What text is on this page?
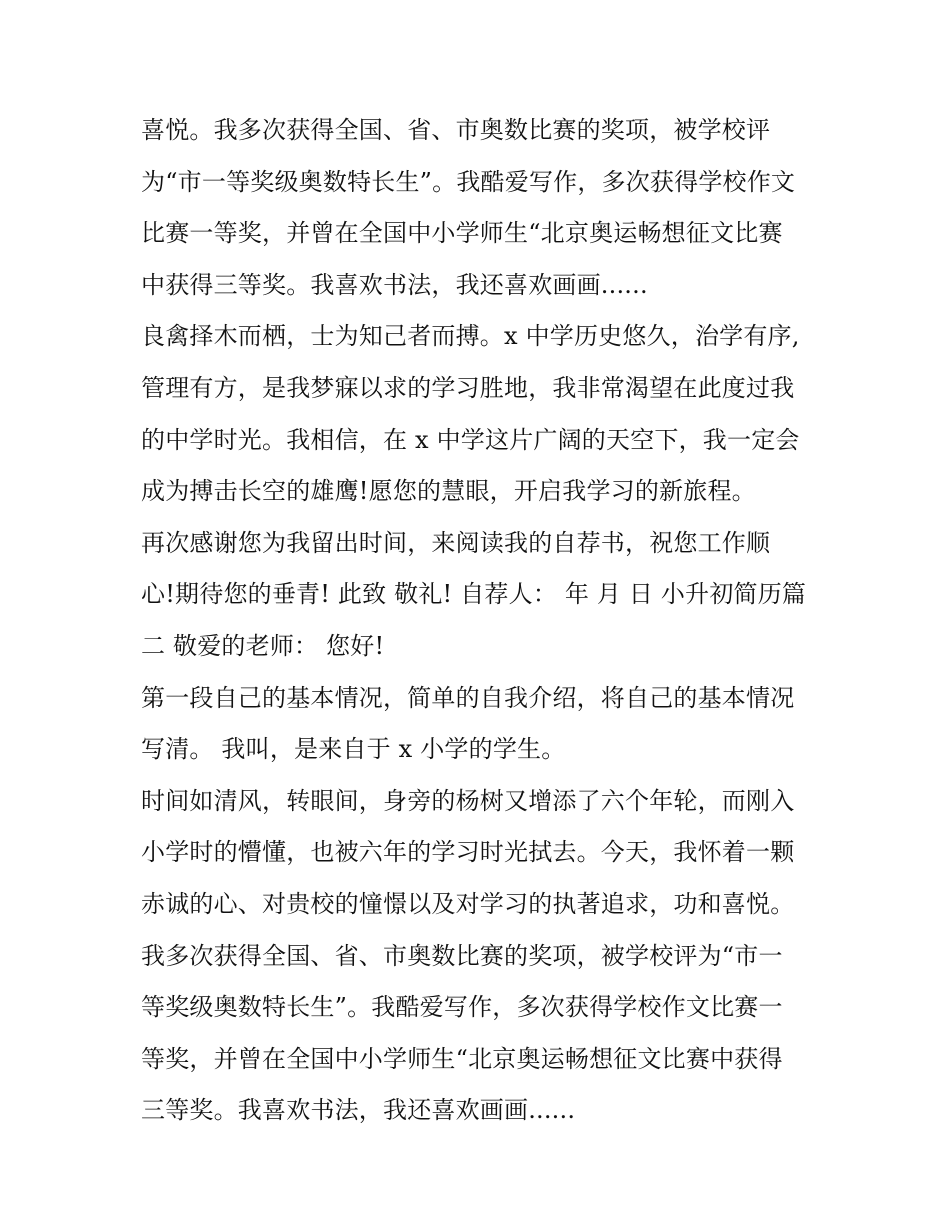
喜悦。我多次获得全国、省、市奥数比赛的奖项，被学校评
为“市一等奖级奥数特长生”。我酷爱写作，多次获得学校作文
比赛一等奖，并曾在全国中小学师生“北京奥运畅想征文比赛
中获得三等奖。我喜欢书法，我还喜欢画画......
良禽择木而栖，士为知己者而搏。x 中学历史悠久，治学有序,
管理有方，是我梦寐以求的学习胜地，我非常渴望在此度过我
的中学时光。我相信，在 x 中学这片广阔的天空下，我一定会
成为搏击长空的雄鹰!愿您的慧眼，开启我学习的新旅程。
再次感谢您为我留出时间，来阅读我的自荐书，祝您工作顺
心!期待您的垂青! 此致 敬礼! 自荐人： 年 月 日 小升初简历篇
二 敬爱的老师： 您好!
第一段自己的基本情况，简单的自我介绍，将自己的基本情况
写清。 我叫，是来自于 x 小学的学生。
时间如清风，转眼间，身旁的杨树又增添了六个年轮，而刚入
小学时的懵懂，也被六年的学习时光拭去。今天，我怀着一颗
赤诚的心、对贵校的憧憬以及对学习的执著追求，功和喜悦。
我多次获得全国、省、市奥数比赛的奖项，被学校评为“市一
等奖级奥数特长生”。我酷爱写作，多次获得学校作文比赛一
等奖，并曾在全国中小学师生“北京奥运畅想征文比赛中获得
三等奖。我喜欢书法，我还喜欢画画......
